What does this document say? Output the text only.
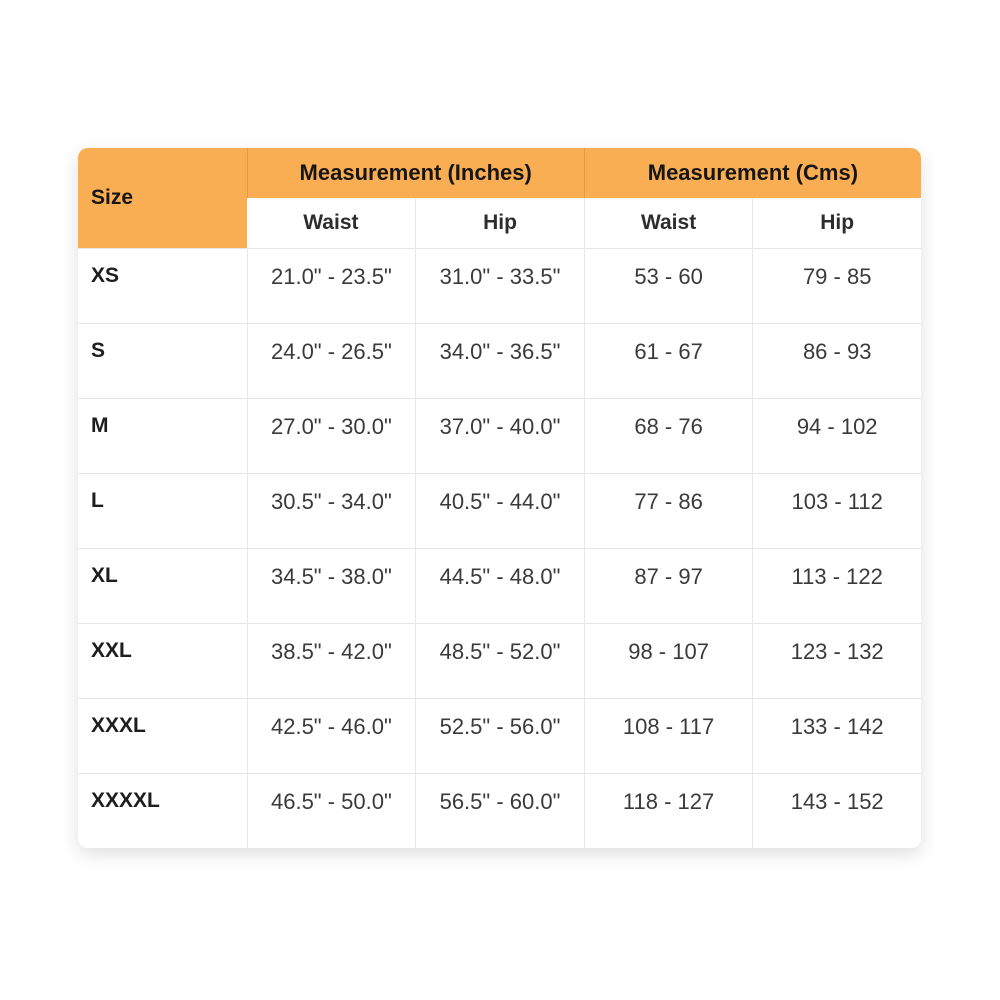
Size	Measurement (Inches)		Measurement (Cms)	
	Waist	Hip	Waist	Hip
XS	21.0" - 23.5"	31.0" - 33.5"	53 - 60	79 - 85
S	24.0" - 26.5"	34.0" - 36.5"	61 - 67	86 - 93
M	27.0" - 30.0"	37.0" - 40.0"	68 - 76	94 - 102
L	30.5" - 34.0"	40.5" - 44.0"	77 - 86	103 - 112
XL	34.5" - 38.0"	44.5" - 48.0"	87 - 97	113 - 122
XXL	38.5" - 42.0"	48.5" - 52.0"	98 - 107	123 - 132
XXXL	42.5" - 46.0"	52.5" - 56.0"	108 - 117	133 - 142
XXXXL	46.5" - 50.0"	56.5" - 60.0"	118 - 127	143 - 152
